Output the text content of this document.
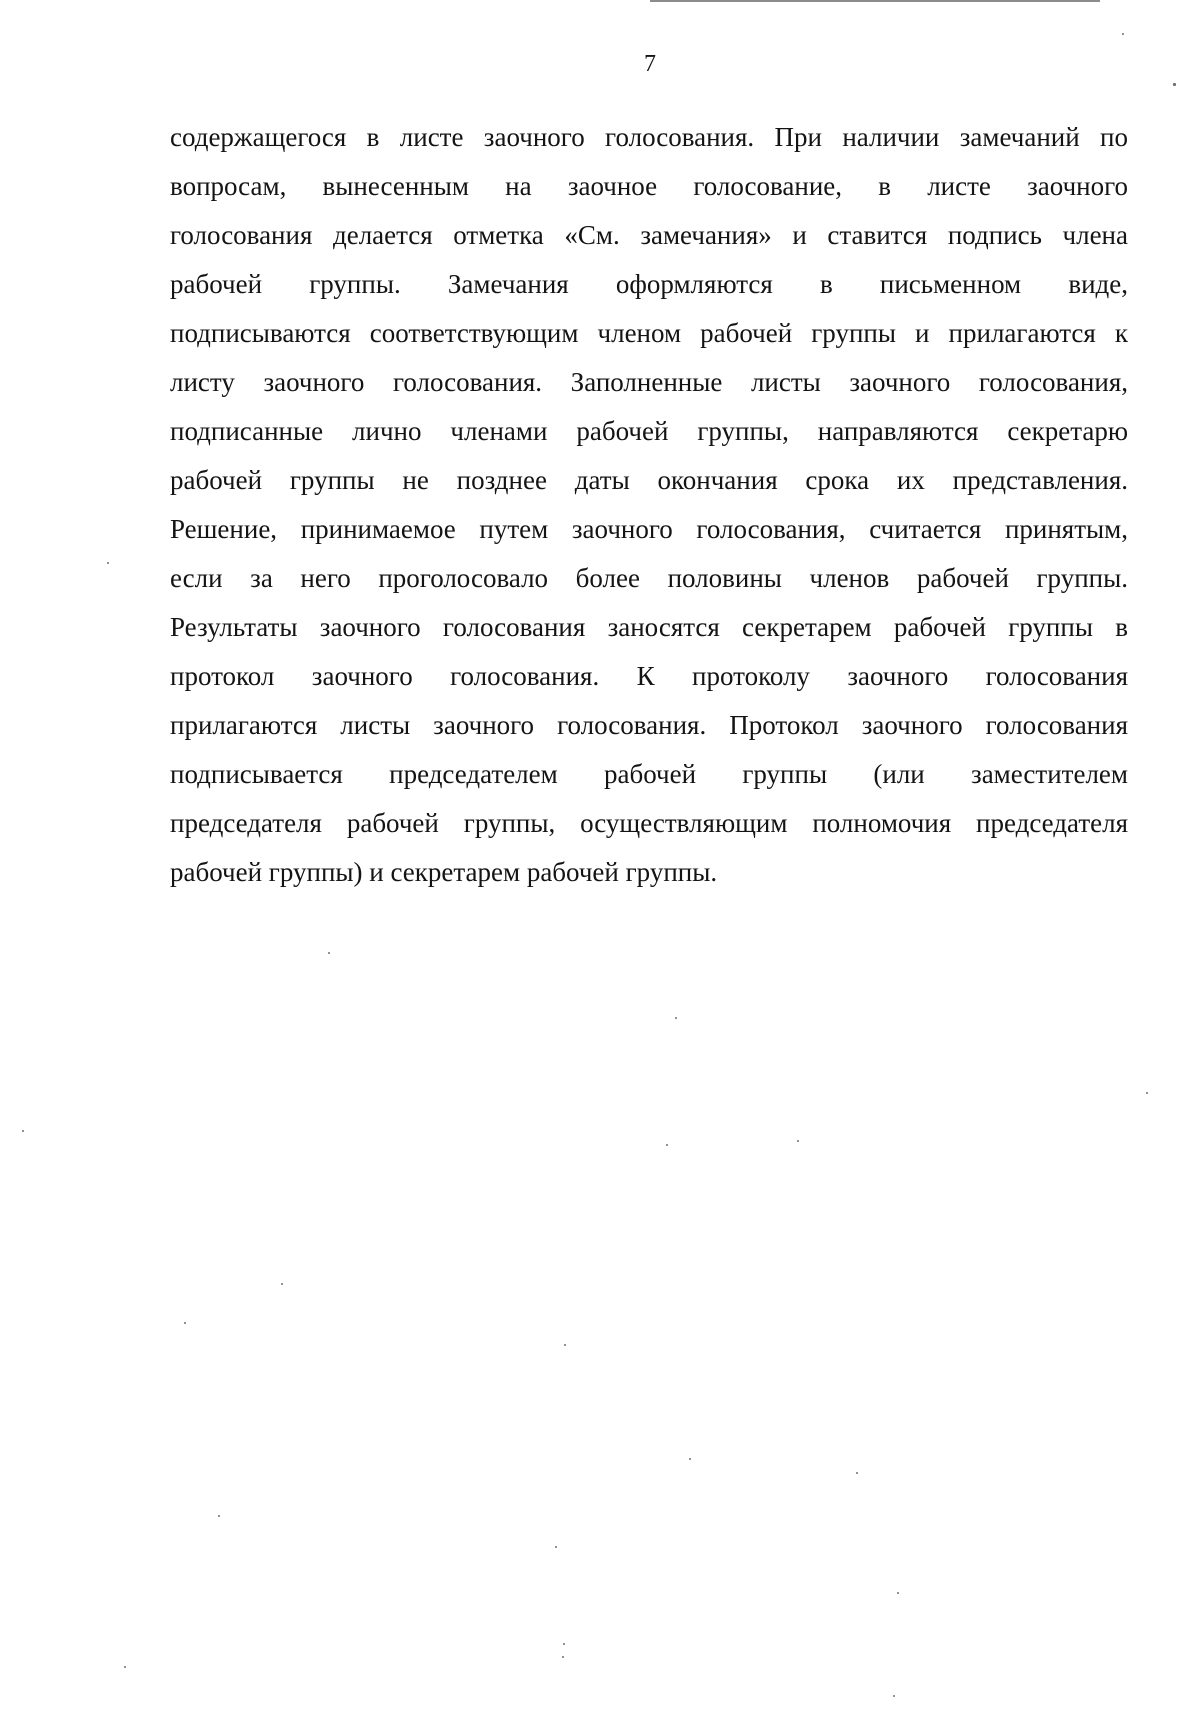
7
содержащегося в листе заочного голосования. При наличии замечаний по
вопросам, вынесенным на заочное голосование, в листе заочного
голосования делается отметка «См. замечания» и ставится подпись члена
рабочей группы. Замечания оформляются в письменном виде,
подписываются соответствующим членом рабочей группы и прилагаются к
листу заочного голосования. Заполненные листы заочного голосования,
подписанные лично членами рабочей группы, направляются секретарю
рабочей группы не позднее даты окончания срока их представления.
Решение, принимаемое путем заочного голосования, считается принятым,
если за него проголосовало более половины членов рабочей группы.
Результаты заочного голосования заносятся секретарем рабочей группы в
протокол заочного голосования. К протоколу заочного голосования
прилагаются листы заочного голосования. Протокол заочного голосования
подписывается председателем рабочей группы (или заместителем
председателя рабочей группы, осуществляющим полномочия председателя
рабочей группы) и секретарем рабочей группы.
